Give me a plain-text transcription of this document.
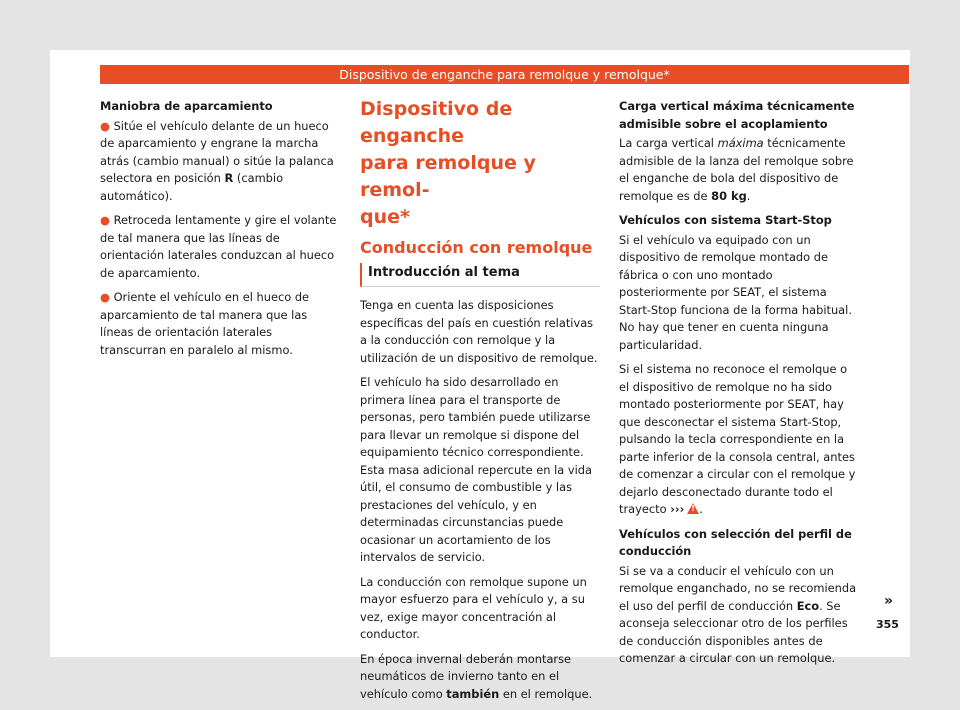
Dispositivo de enganche para remolque y remolque*

Maniobra de aparcamiento

● Sitúe el vehículo delante de un hueco de aparcamiento y engrane la marcha atrás (cambio manual) o sitúe la palanca selectora en posición R (cambio automático).

● Retroceda lentamente y gire el volante de tal manera que las líneas de orientación laterales conduzcan al hueco de aparcamiento.

● Oriente el vehículo en el hueco de aparcamiento de tal manera que las líneas de orientación laterales transcurran en paralelo al mismo.

Dispositivo de enganche
para remolque y remol-
que*
Conducción con remolque
Introducción al tema

Tenga en cuenta las disposiciones específicas del país en cuestión relativas a la conducción con remolque y la utilización de un dispositivo de remolque.

El vehículo ha sido desarrollado en primera línea para el transporte de personas, pero también puede utilizarse para llevar un remolque si dispone del equipamiento técnico correspondiente. Esta masa adicional repercute en la vida útil, el consumo de combustible y las prestaciones del vehículo, y en determinadas circunstancias puede ocasionar un acortamiento de los intervalos de servicio.

La conducción con remolque supone un mayor esfuerzo para el vehículo y, a su vez, exige mayor concentración al conductor.

En época invernal deberán montarse neumáticos de invierno tanto en el vehículo como también en el remolque.

Carga vertical máxima técnicamente admisible sobre el acoplamiento

La carga vertical máxima técnicamente admisible de la lanza del remolque sobre el enganche de bola del dispositivo de remolque es de 80 kg.

Vehículos con sistema Start-Stop

Si el vehículo va equipado con un dispositivo de remolque montado de fábrica o con uno montado posteriormente por SEAT, el sistema Start-Stop funciona de la forma habitual. No hay que tener en cuenta ninguna particularidad.

Si el sistema no reconoce el remolque o el dispositivo de remolque no ha sido montado posteriormente por SEAT, hay que desconectar el sistema Start-Stop, pulsando la tecla correspondiente en la parte inferior de la consola central, antes de comenzar a circular con el remolque y dejarlo desconectado durante todo el trayecto ›››! .

Vehículos con selección del perfil de conducción

Si se va a conducir el vehículo con un remolque enganchado, no se recomienda el uso del perfil de conducción Eco. Se aconseja seleccionar otro de los perfiles de conducción disponibles antes de comenzar a circular con un remolque.

»
355
